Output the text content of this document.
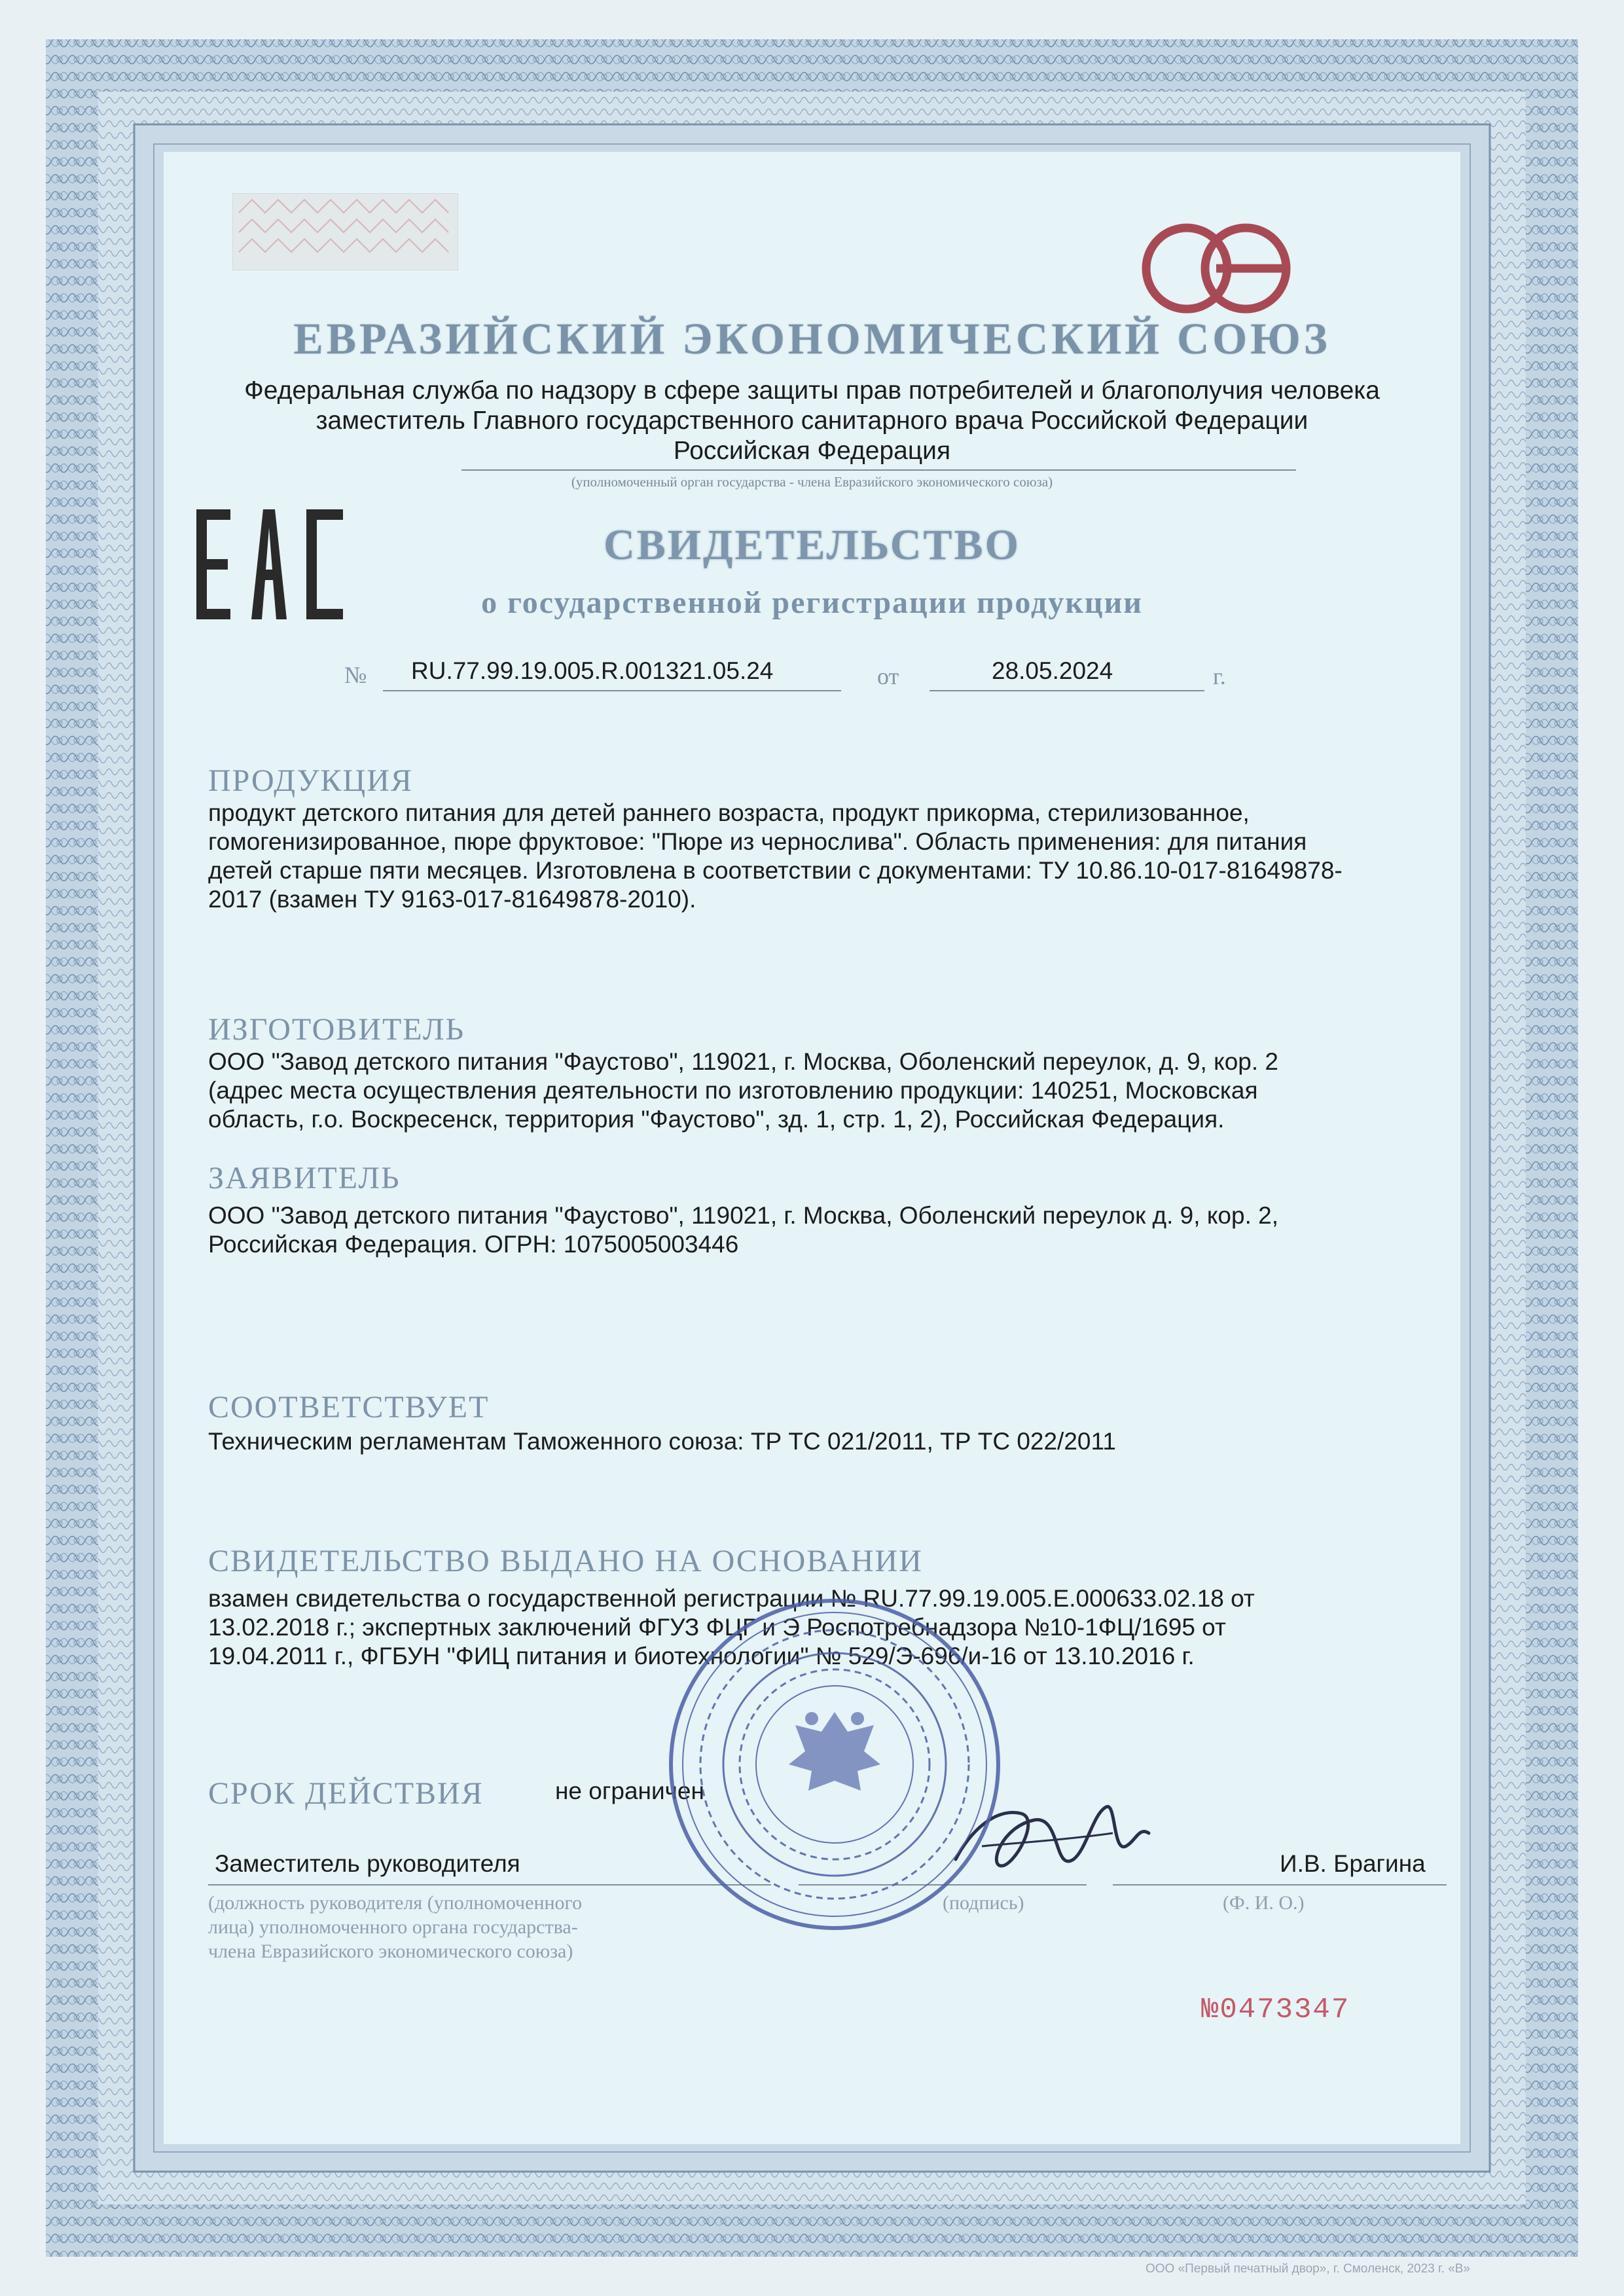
ЕВРАЗИЙСКИЙ ЭКОНОМИЧЕСКИЙ СОЮЗ
Федеральная служба по надзору в сфере защиты прав потребителей и благополучия человека
заместитель Главного государственного санитарного врача Российской Федерации
Российская Федерация
(уполномоченный орган государства - члена Евразийского экономического союза)
СВИДЕТЕЛЬСТВО
о государственной регистрации продукции
№ RU.77.99.19.005.R.001321.05.24	от	28.05.2024	г.
ПРОДУКЦИЯ
продукт детского питания для детей раннего возраста, продукт прикорма, стерилизованное,
гомогенизированное, пюре фруктовое: "Пюре из чернослива". Область применения: для питания
детей старше пяти месяцев. Изготовлена в соответствии с документами: ТУ 10.86.10-017-81649878-
2017 (взамен ТУ 9163-017-81649878-2010).
ИЗГОТОВИТЕЛЬ
ООО "Завод детского питания "Фаустово", 119021, г. Москва, Оболенский переулок, д. 9, кор. 2
(адрес места осуществления деятельности по изготовлению продукции: 140251, Московская
область, г.о. Воскресенск, территория "Фаустово", зд. 1, стр. 1, 2), Российская Федерация.
ЗАЯВИТЕЛЬ
ООО "Завод детского питания "Фаустово", 119021, г. Москва, Оболенский переулок д. 9, кор. 2,
Российская Федерация. ОГРН: 1075005003446
СООТВЕТСТВУЕТ
Техническим регламентам Таможенного союза: ТР ТС 021/2011, ТР ТС 022/2011
СВИДЕТЕЛЬСТВО ВЫДАНО НА ОСНОВАНИИ
взамен свидетельства о государственной регистрации № RU.77.99.19.005.Е.000633.02.18 от
13.02.2018 г.; экспертных заключений ФГУЗ ФЦГ и Э Роспотребнадзора №10-1ФЦ/1695 от
19.04.2011 г., ФГБУН "ФИЦ питания и биотехнологии" № 529/Э-696/и-16 от 13.10.2016 г.
СРОК ДЕЙСТВИЯ	не ограничен
Заместитель руководителя
(должность руководителя (уполномоченного
лица) уполномоченного органа государства-
члена Евразийского экономического союза)
(подпись)
И.В. Брагина
(Ф. И. О.)
№0473347
ООО «Первый печатный двор», г. Смоленск, 2023 г. «В»
